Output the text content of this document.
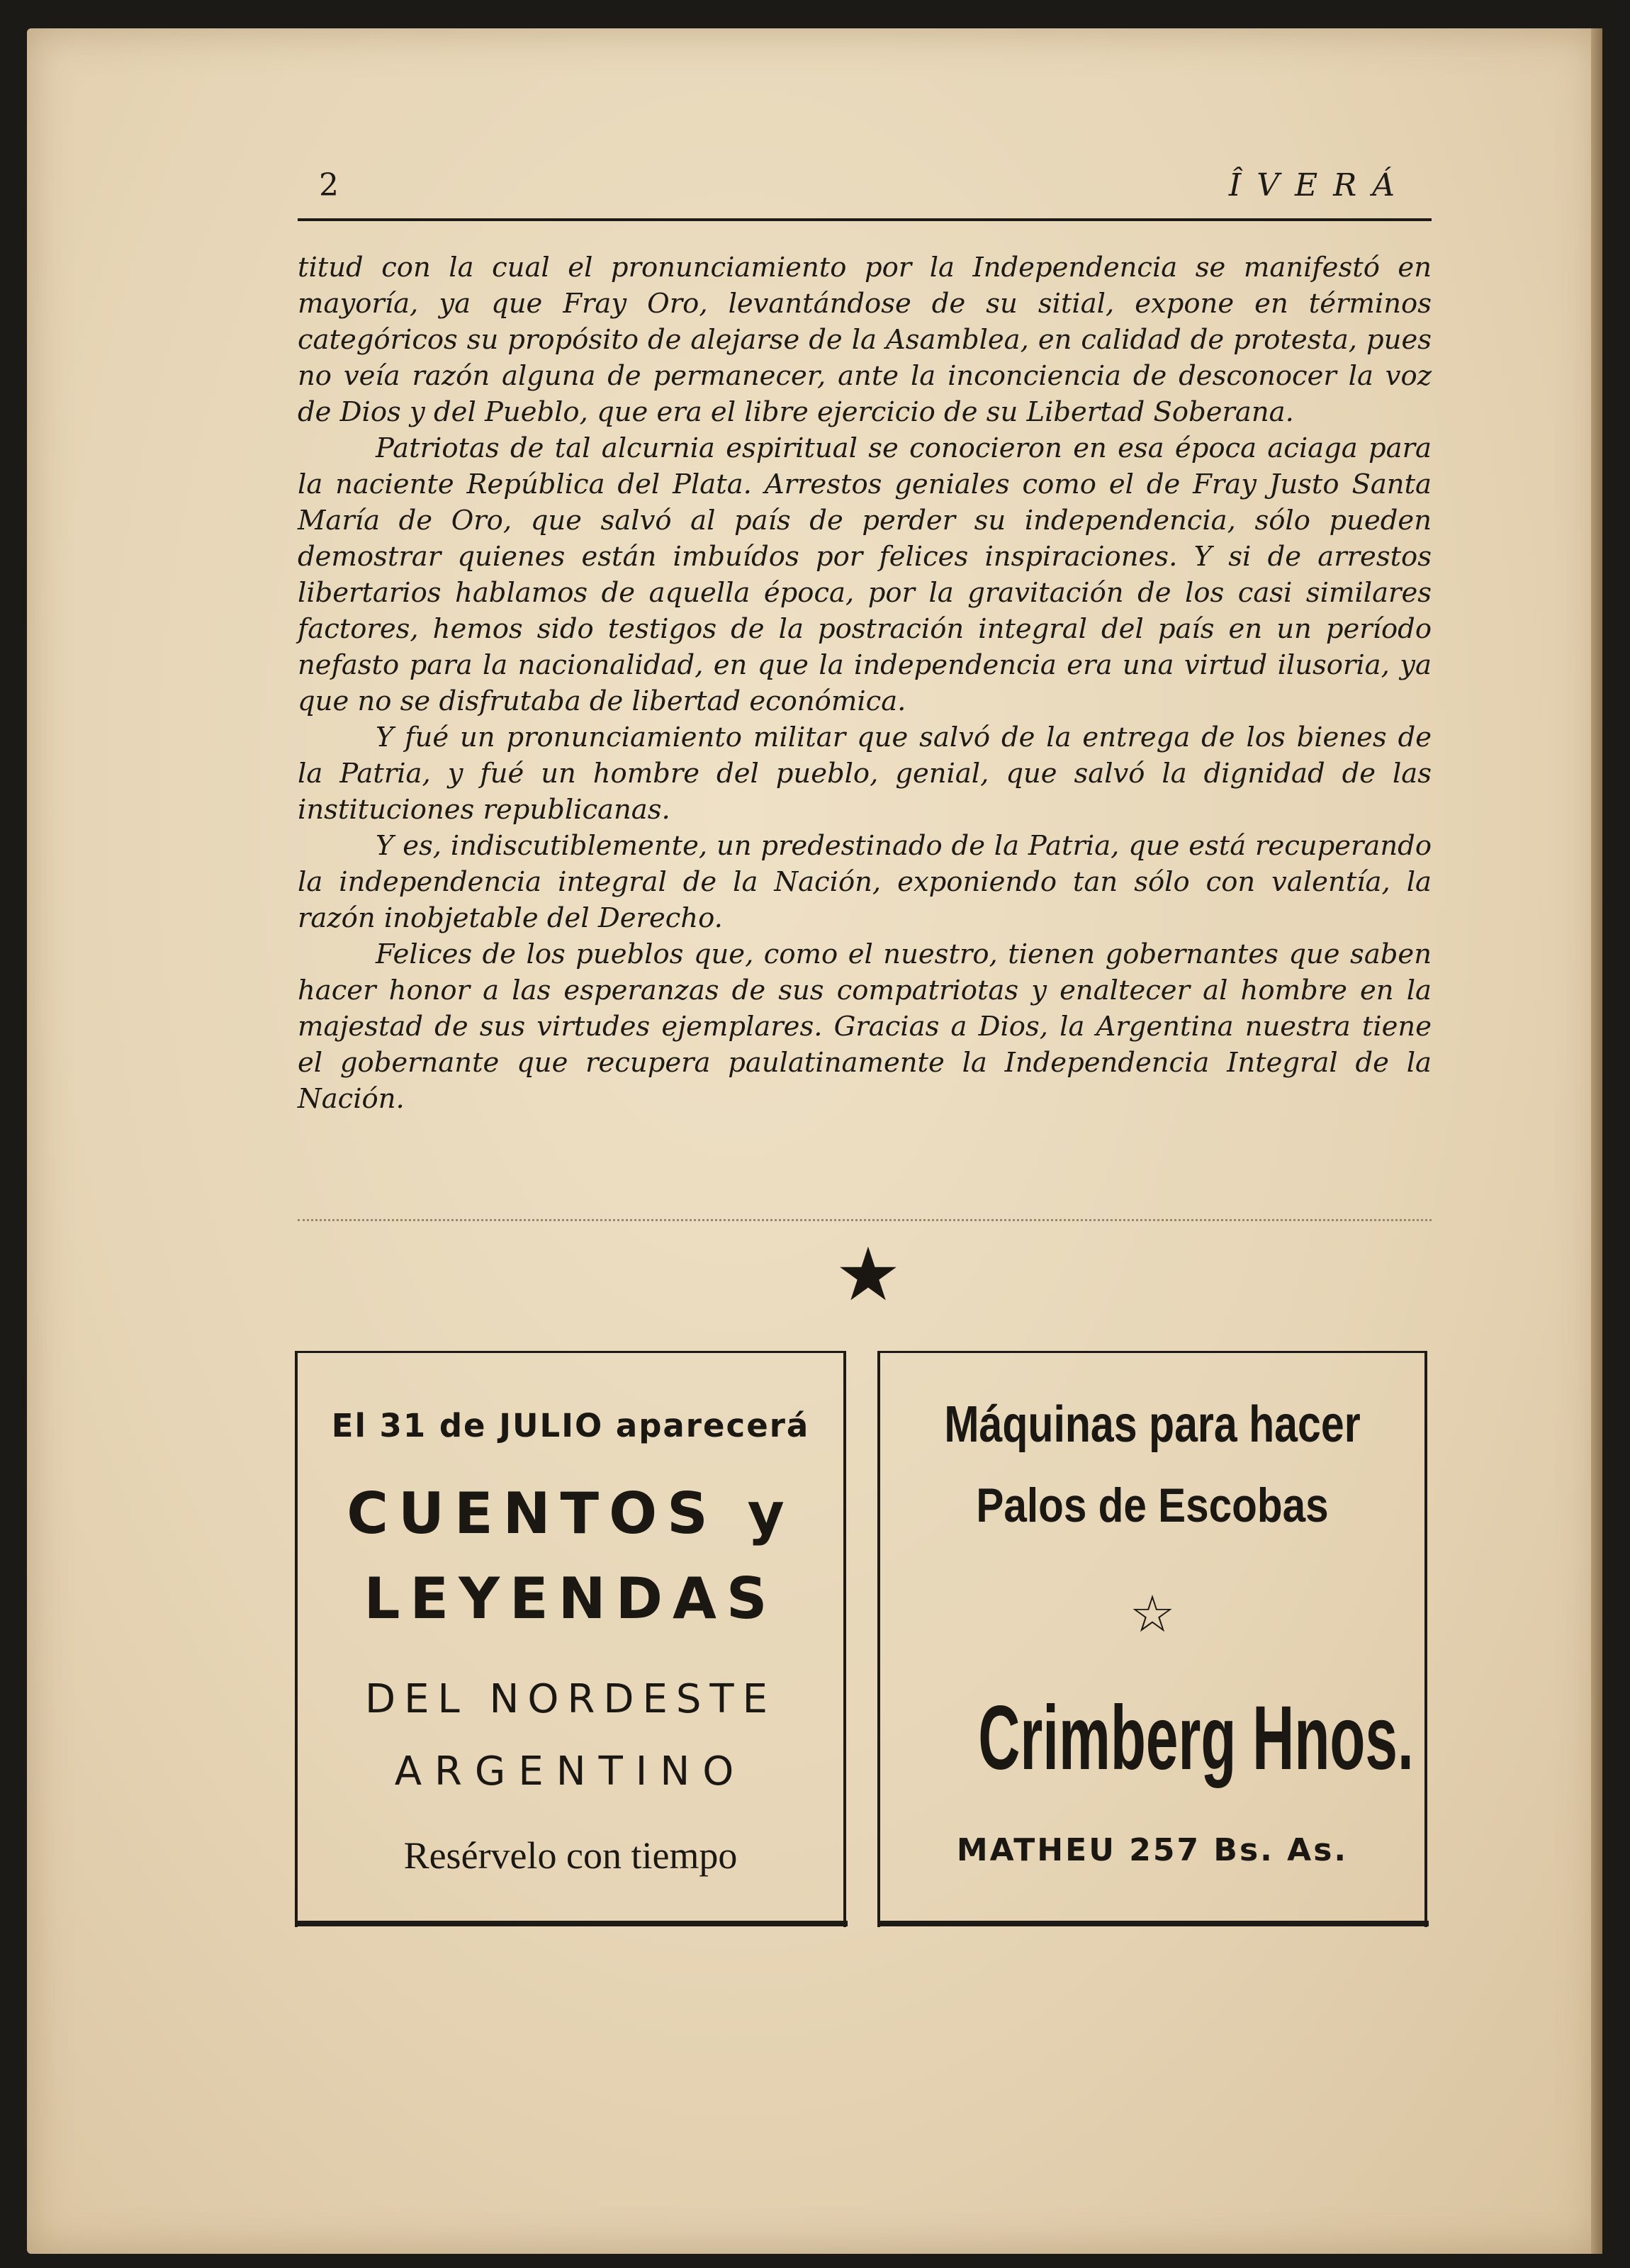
2	ÎVERÁ

titud con la cual el pronunciamiento por la Independencia se manifestó en mayoría, ya que Fray Oro, levantándose de su sitial, expone en términos categóricos su propósito de alejarse de la Asamblea, en calidad de protesta, pues no veía razón alguna de permanecer, ante la inconciencia de desconocer la voz de Dios y del Pueblo, que era el libre ejercicio de su Libertad Soberana.

Patriotas de tal alcurnia espiritual se conocieron en esa época aciaga para la naciente República del Plata. Arrestos geniales como el de Fray Justo Santa María de Oro, que salvó al país de perder su independencia, sólo pueden demostrar quienes están imbuídos por felices inspiraciones. Y si de arrestos libertarios hablamos de aquella época, por la gravitación de los casi similares factores, hemos sido testigos de la postración integral del país en un período nefasto para la nacionalidad, en que la independencia era una virtud ilusoria, ya que no se disfrutaba de libertad económica.

Y fué un pronunciamiento militar que salvó de la entrega de los bienes de la Patria, y fué un hombre del pueblo, genial, que salvó la dignidad de las instituciones republicanas.

Y es, indiscutiblemente, un predestinado de la Patria, que está recuperando la independencia integral de la Nación, exponiendo tan sólo con valentía, la razón inobjetable del Derecho.

Felices de los pueblos que, como el nuestro, tienen gobernantes que saben hacer honor a las esperanzas de sus compatriotas y enaltecer al hombre en la majestad de sus virtudes ejemplares. Gracias a Dios, la Argentina nuestra tiene el gobernante que recupera paulatinamente la Independencia Integral de la Nación.

★
El 31 de JULIO aparecerá
CUENTOS y
LEYENDAS
DEL NORDESTE
ARGENTINO
Resérvelo con tiempo
Máquinas para hacer
Palos de Escobas
☆
Crimberg Hnos.
MATHEU 257 Bs. As.
